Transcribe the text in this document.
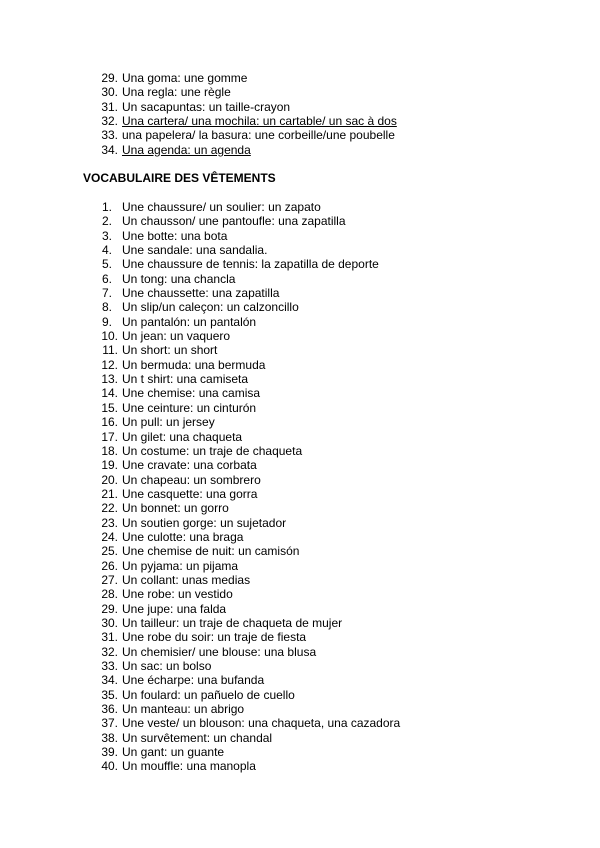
29. Una goma: une gomme
30. Una regla: une règle
31. Un sacapuntas: un taille-crayon
32. Una cartera/ una mochila: un cartable/ un sac à dos
33. una papelera/ la basura: une corbeille/une poubelle
34. Una agenda: un agenda
VOCABULAIRE DES VÊTEMENTS
1. Une chaussure/ un soulier: un zapato
2. Un chausson/ une pantoufle: una zapatilla
3. Une botte: una bota
4. Une sandale: una sandalia.
5. Une chaussure de tennis: la zapatilla de deporte
6. Un tong: una chancla
7. Une chaussette: una zapatilla
8. Un slip/un caleçon: un calzoncillo
9. Un pantalón: un pantalón
10. Un jean: un vaquero
11. Un short: un short
12. Un bermuda: una bermuda
13. Un t shirt: una camiseta
14. Une chemise: una camisa
15. Une ceinture: un cinturón
16. Un pull: un jersey
17. Un gilet: una chaqueta
18. Un costume: un traje de chaqueta
19. Une cravate: una corbata
20. Un chapeau: un sombrero
21. Une casquette: una gorra
22. Un bonnet: un gorro
23. Un soutien gorge: un sujetador
24. Une culotte: una braga
25. Une chemise de nuit: un camisón
26. Un pyjama: un pijama
27. Un collant: unas medias
28. Une robe: un vestido
29. Une jupe: una falda
30. Un tailleur: un traje de chaqueta de mujer
31. Une robe du soir: un traje de fiesta
32. Un chemisier/ une blouse: una blusa
33. Un sac: un bolso
34. Une écharpe: una bufanda
35. Un foulard: un pañuelo de cuello
36. Un manteau: un abrigo
37. Une veste/ un blouson: una chaqueta, una cazadora
38. Un survêtement: un chandal
39. Un gant: un guante
40. Un mouffle: una manopla
